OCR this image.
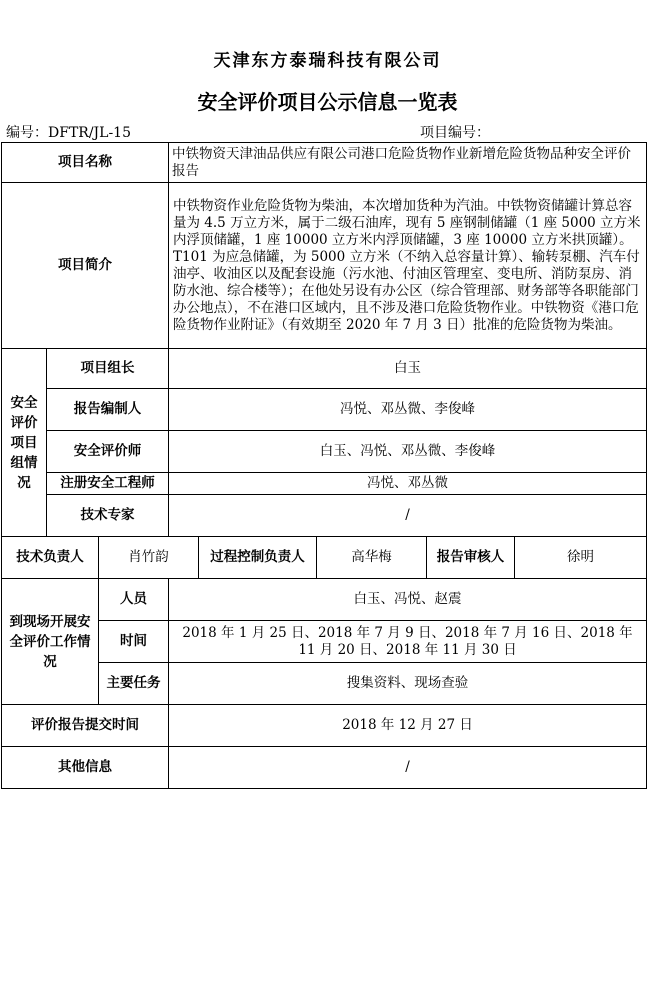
天津东方泰瑞科技有限公司
安全评价项目公示信息一览表
编号：DFTR/JL-15	项目编号：
项目名称			中铁物资天津油品供应有限公司港口危险货物作业新增危险货物品种安全评价报告				
项目简介			中铁物资作业危险货物为柴油，本次增加货种为汽油。中铁物资储罐计算总容量为 4.5 万立方米，属于二级石油库，现有 5 座钢制储罐（1 座 5000 立方米内浮顶储罐，1 座 10000 立方米内浮顶储罐，3 座 10000 立方米拱顶罐）。T101 为应急储罐，为 5000 立方米（不纳入总容量计算）、输转泵棚、汽车付油亭、收油区以及配套设施（污水池、付油区管理室、变电所、消防泵房、消防水池、综合楼等）；在他处另设有办公区（综合管理部、财务部等各职能部门办公地点），不在港口区域内，且不涉及港口危险货物作业。中铁物资《港口危险货物作业附证》（有效期至 2020 年 7 月 3 日）批准的危险货物为柴油。				
安全评价项目组情况	项目组长		白玉				
	报告编制人		冯悦、邓丛微、李俊峰				
	安全评价师		白玉、冯悦、邓丛微、李俊峰				
	注册安全工程师		冯悦、邓丛微				
	技术专家		/				
技术负责人		肖竹韵		过程控制负责人	高华梅	报告审核人	徐明
到现场开展安全评价工作情况		人员	白玉、冯悦、赵震				
		时间	2018 年 1 月 25 日、2018 年 7 月 9 日、2018 年 7 月 16 日、2018 年 11 月 20 日、2018 年 11 月 30 日				
		主要任务	搜集资料、现场查验				
评价报告提交时间			2018 年 12 月 27 日				
其他信息			/				
